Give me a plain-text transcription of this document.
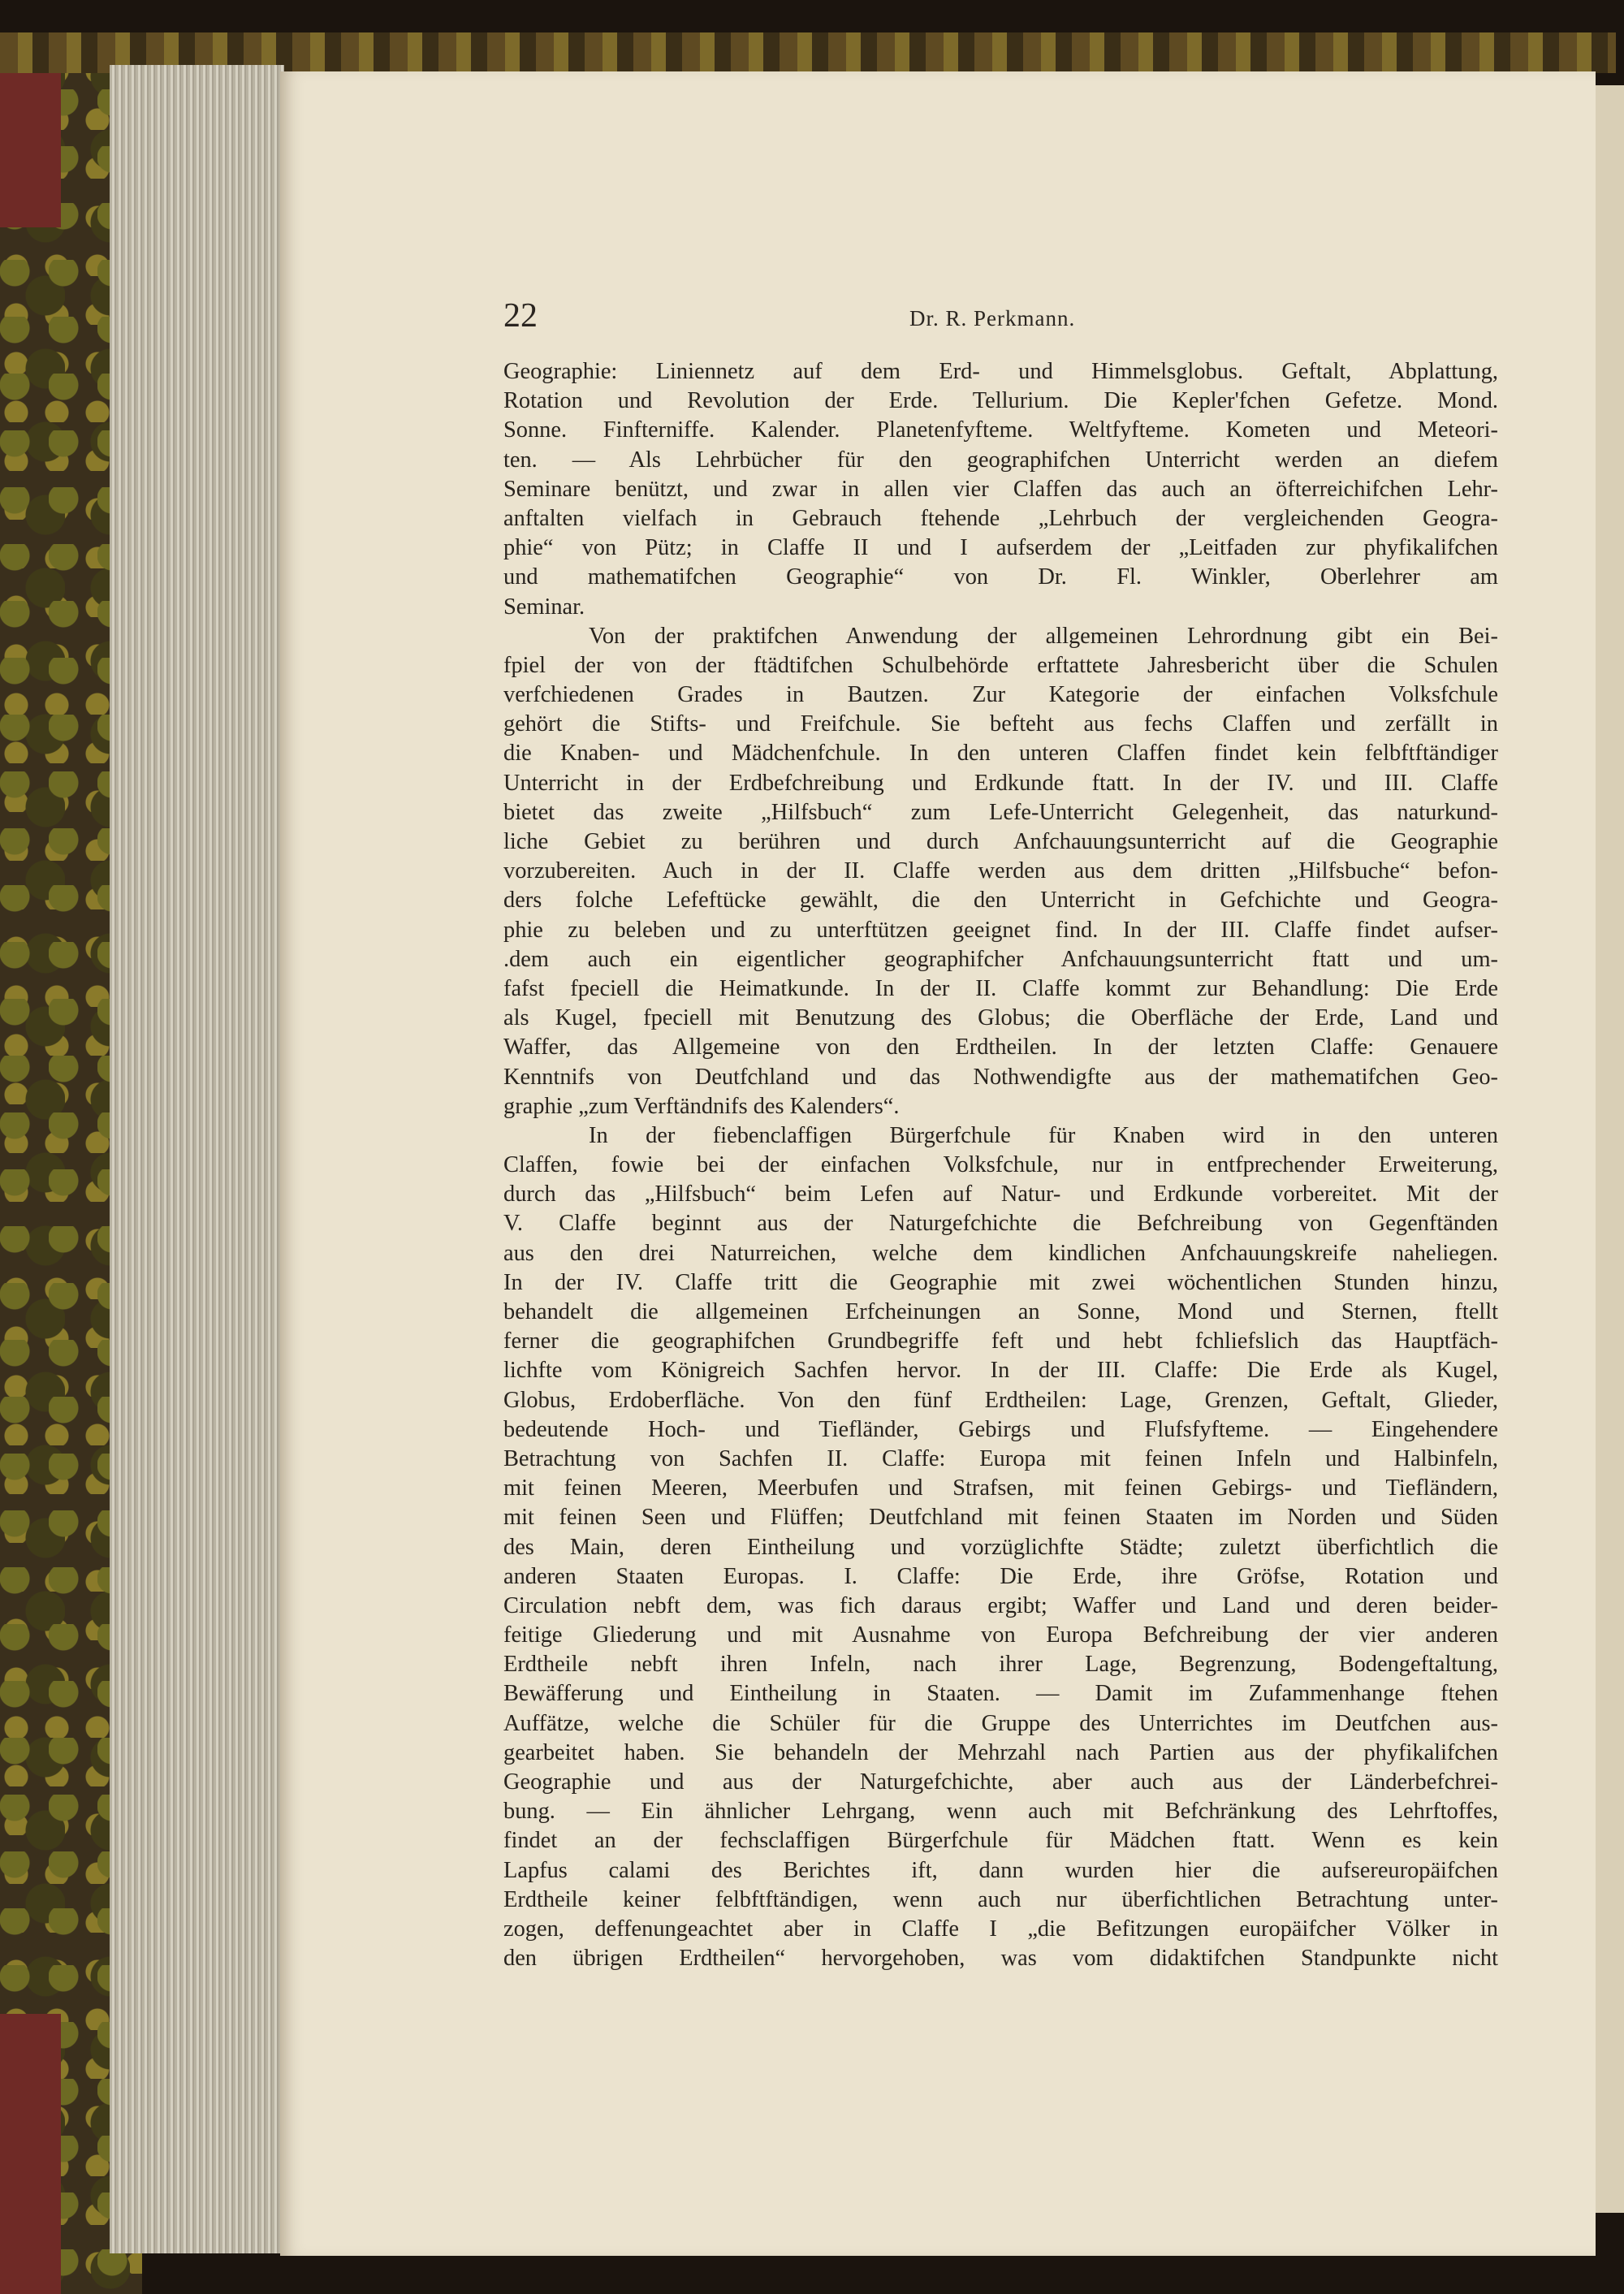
22	Dr. R. Perkmann.
Geographie: Liniennetz auf dem Erd- und Himmelsglobus. Geftalt, Abplattung,
Rotation und Revolution der Erde. Tellurium. Die Kepler'fchen Gefetze. Mond.
Sonne. Finfterniffe. Kalender. Planetenfyfteme. Weltfyfteme. Kometen und Meteori-
ten. — Als Lehrbücher für den geographifchen Unterricht werden an diefem
Seminare benützt, und zwar in allen vier Claffen das auch an öfterreichifchen Lehr-
anftalten vielfach in Gebrauch ftehende „Lehrbuch der vergleichenden Geogra-
phie“ von Pütz; in Claffe II und I aufserdem der „Leitfaden zur phyfikalifchen
und mathematifchen Geographie“ von Dr. Fl. Winkler, Oberlehrer am
Seminar.
Von der praktifchen Anwendung der allgemeinen Lehrordnung gibt ein Bei-
fpiel der von der ftädtifchen Schulbehörde erftattete Jahresbericht über die Schulen
verfchiedenen Grades in Bautzen. Zur Kategorie der einfachen Volksfchule
gehört die Stifts- und Freifchule. Sie befteht aus fechs Claffen und zerfällt in
die Knaben- und Mädchenfchule. In den unteren Claffen findet kein felbftftändiger
Unterricht in der Erdbefchreibung und Erdkunde ftatt. In der IV. und III. Claffe
bietet das zweite „Hilfsbuch“ zum Lefe-Unterricht Gelegenheit, das naturkund-
liche Gebiet zu berühren und durch Anfchauungsunterricht auf die Geographie
vorzubereiten. Auch in der II. Claffe werden aus dem dritten „Hilfsbuche“ befon-
ders folche Lefeftücke gewählt, die den Unterricht in Gefchichte und Geogra-
phie zu beleben und zu unterftützen geeignet find. In der III. Claffe findet aufser-
.dem auch ein eigentlicher geographifcher Anfchauungsunterricht ftatt und um-
fafst fpeciell die Heimatkunde. In der II. Claffe kommt zur Behandlung: Die Erde
als Kugel, fpeciell mit Benutzung des Globus; die Oberfläche der Erde, Land und
Waffer, das Allgemeine von den Erdtheilen. In der letzten Claffe: Genauere
Kenntnifs von Deutfchland und das Nothwendigfte aus der mathematifchen Geo-
graphie „zum Verftändnifs des Kalenders“.
In der fiebenclaffigen Bürgerfchule für Knaben wird in den unteren
Claffen, fowie bei der einfachen Volksfchule, nur in entfprechender Erweiterung,
durch das „Hilfsbuch“ beim Lefen auf Natur- und Erdkunde vorbereitet. Mit der
V. Claffe beginnt aus der Naturgefchichte die Befchreibung von Gegenftänden
aus den drei Naturreichen, welche dem kindlichen Anfchauungskreife naheliegen.
In der IV. Claffe tritt die Geographie mit zwei wöchentlichen Stunden hinzu,
behandelt die allgemeinen Erfcheinungen an Sonne, Mond und Sternen, ftellt
ferner die geographifchen Grundbegriffe feft und hebt fchliefslich das Hauptfäch-
lichfte vom Königreich Sachfen hervor. In der III. Claffe: Die Erde als Kugel,
Globus, Erdoberfläche. Von den fünf Erdtheilen: Lage, Grenzen, Geftalt, Glieder,
bedeutende Hoch- und Tiefländer, Gebirgs und Flufsfyfteme. — Eingehendere
Betrachtung von Sachfen II. Claffe: Europa mit feinen Infeln und Halbinfeln,
mit feinen Meeren, Meerbufen und Strafsen, mit feinen Gebirgs- und Tiefländern,
mit feinen Seen und Flüffen; Deutfchland mit feinen Staaten im Norden und Süden
des Main, deren Eintheilung und vorzüglichfte Städte; zuletzt überfichtlich die
anderen Staaten Europas. I. Claffe: Die Erde, ihre Gröfse, Rotation und
Circulation nebft dem, was fich daraus ergibt; Waffer und Land und deren beider-
feitige Gliederung und mit Ausnahme von Europa Befchreibung der vier anderen
Erdtheile nebft ihren Infeln, nach ihrer Lage, Begrenzung, Bodengeftaltung,
Bewäfferung und Eintheilung in Staaten. — Damit im Zufammenhange ftehen
Auffätze, welche die Schüler für die Gruppe des Unterrichtes im Deutfchen aus-
gearbeitet haben. Sie behandeln der Mehrzahl nach Partien aus der phyfikalifchen
Geographie und aus der Naturgefchichte, aber auch aus der Länderbefchrei-
bung. — Ein ähnlicher Lehrgang, wenn auch mit Befchränkung des Lehrftoffes,
findet an der fechsclaffigen Bürgerfchule für Mädchen ftatt. Wenn es kein
Lapfus calami des Berichtes ift, dann wurden hier die aufsereuropäifchen
Erdtheile keiner felbftftändigen, wenn auch nur überfichtlichen Betrachtung unter-
zogen, deffenungeachtet aber in Claffe I „die Befitzungen europäifcher Völker in
den übrigen Erdtheilen“ hervorgehoben, was vom didaktifchen Standpunkte nicht
